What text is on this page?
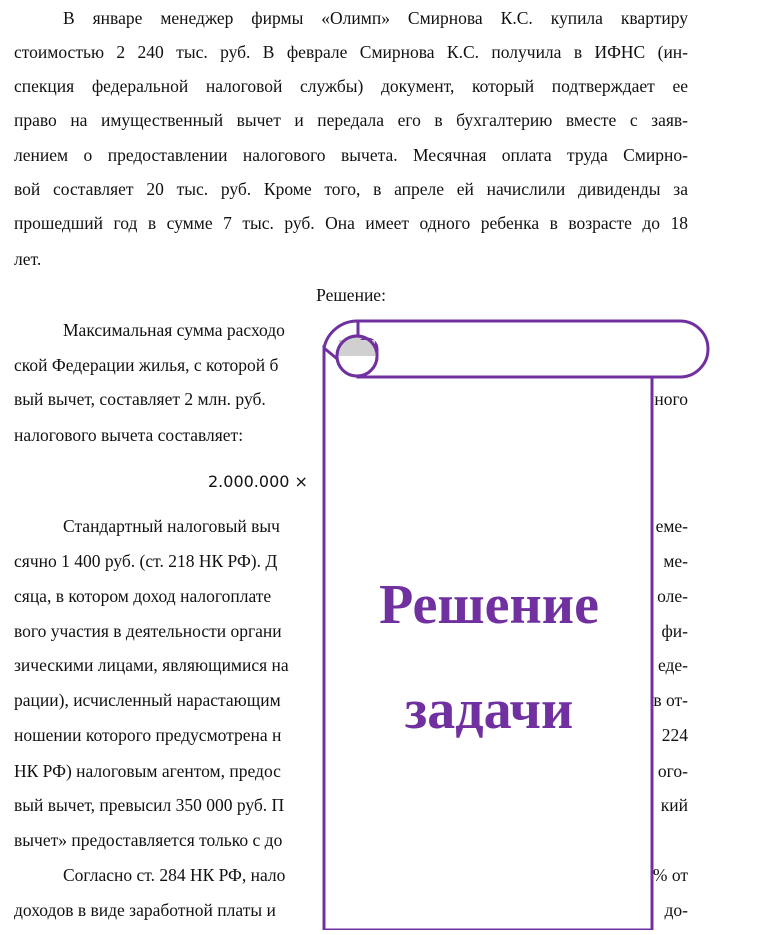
В январе менеджер фирмы «Олимп» Смирнова К.С. купила квартиру
стоимостью 2 240 тыс. руб. В феврале Смирнова К.С. получила в ИФНС (ин-
спекция федеральной налоговой службы) документ, который подтверждает ее
право на имущественный вычет и передала его в бухгалтерию вместе с заяв-
лением о предоставлении налогового вычета. Месячная оплата труда Смирно-
вой составляет 20 тыс. руб. Кроме того, в апреле ей начислили дивиденды за
прошедший год в сумме 7 тыс. руб. Она имеет одного ребенка в возрасте до 18
лет.
Решение:
Максимальная сумма расходо
ской Федерации жилья, с которой б
вый вычет, составляет 2 млн. руб.
налогового вычета составляет:
ного
2.000.000 ×
Стандартный налоговый выч
сячно 1 400 руб. (ст. 218 НК РФ). Д
сяца, в котором доход налогоплате
вого участия в деятельности органи
зическими лицами, являющимися на
рации), исчисленный нарастающим
ношении которого предусмотрена н
НК РФ) налоговым агентом, предос
вый вычет, превысил 350 000 руб. П
вычет» предоставляется только с до
еме-
ме-
оле-
фи-
еде-
в от-
224
ого-
кий
Согласно ст. 284 НК РФ, нало
доходов в виде заработной платы и
% от
до-
Решение
задачи
